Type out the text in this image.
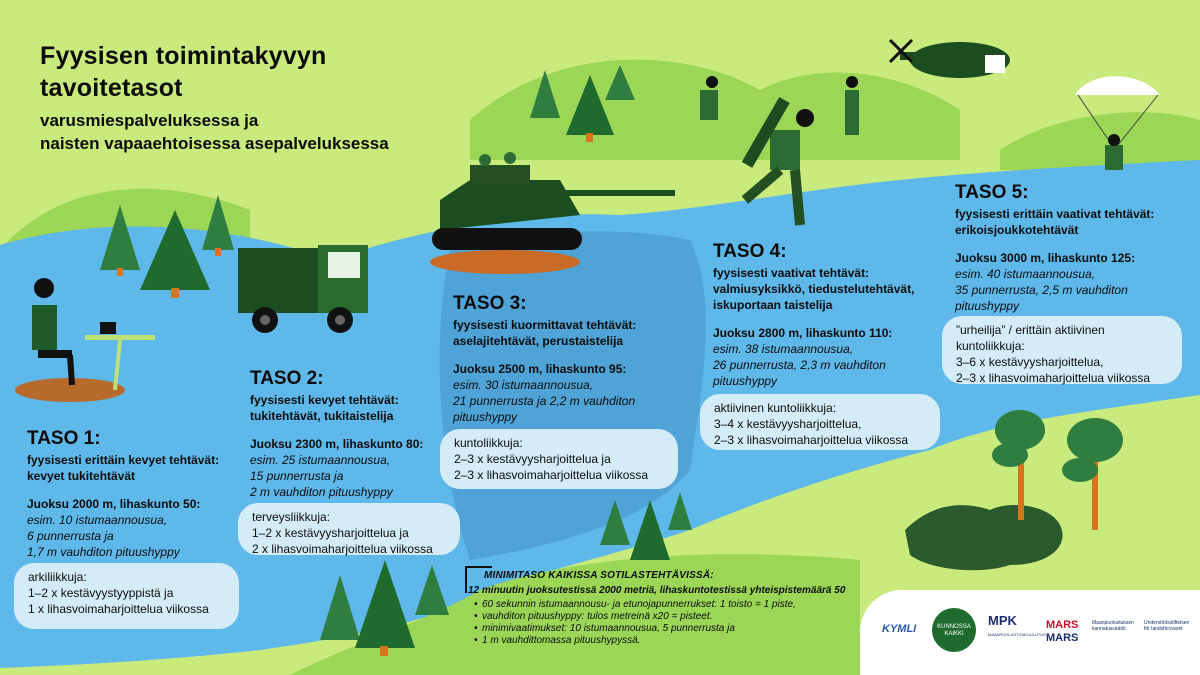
Fyysisen toimintakyvyn
tavoitetasot
varusmiespalveluksessa ja
naisten vapaaehtoisessa asepalveluksessa
TASO 1:
fyysisesti erittäin kevyet tehtävät:
kevyet tukitehtävät
Juoksu 2000 m, lihaskunto 50:
esim. 10 istumaannousua,
6 punnerrusta ja
1,7 m vauhditon pituushyppy
arkiliikkuja:
1–2 x kestävyystyyppistä ja
1 x lihasvoimaharjoittelua viikossa
TASO 2:
fyysisesti kevyet tehtävät:
tukitehtävät, tukitaistelija
Juoksu 2300 m, lihaskunto 80:
esim. 25 istumaannousua,
15 punnerrusta ja
2 m vauhditon pituushyppy
terveysliikkuja:
1–2 x kestävyysharjoittelua ja
2 x lihasvoimaharjoittelua viikossa
TASO 3:
fyysisesti kuormittavat tehtävät:
aselajitehtävät, perustaistelija
Juoksu 2500 m, lihaskunto 95:
esim. 30 istumaannousua,
21 punnerrusta ja 2,2 m vauhditon
pituushyppy
kuntoliikkuja:
2–3 x kestävyysharjoittelua ja
2–3 x lihasvoimaharjoittelua viikossa
TASO 4:
fyysisesti vaativat tehtävät:
valmiusyksikkö, tiedustelutehtävät,
iskuportaan taistelija
Juoksu 2800 m, lihaskunto 110:
esim. 38 istumaannousua,
26 punnerrusta, 2,3 m vauhditon
pituushyppy
aktiivinen kuntoliikkuja:
3–4 x kestävyysharjoittelua,
2–3 x lihasvoimaharjoittelua viikossa
TASO 5:
fyysisesti erittäin vaativat tehtävät:
erikoisjoukkotehtävät
Juoksu 3000 m, lihaskunto 125:
esim. 40 istumaannousua,
35 punnerrusta, 2,5 m vauhditon
pituushyppy
”urheilija” / erittäin aktiivinen
kuntoliikkuja:
3–6 x kestävyysharjoittelua,
2–3 x lihasvoimaharjoittelua viikossa
MINIMITASO KAIKISSA SOTILASTEHTÄVISSÄ:
12 minuutin juoksutestissä 2000 metriä, lihaskuntotestissä yhteispistemäärä 50
• 60 sekunnin istumaannousu- ja etunojapunnerrukset: 1 toisto = 1 piste,
• vauhditon pituushyppy: tulos metreinä x20 = pisteet.
• minimivaatimukset: 10 istumaannousua, 5 punnerrusta ja
• 1 m vauhdittomassa pituushypyssä.
KYMLI	KUNNOSSA KAIKKI
MPK
MAANPUOLUSTUSKOULUTUS
MARS
MARS
Maanpuolustuksen
kannatussäätiö
Understödsstiftelsen
för landsförsvaret
